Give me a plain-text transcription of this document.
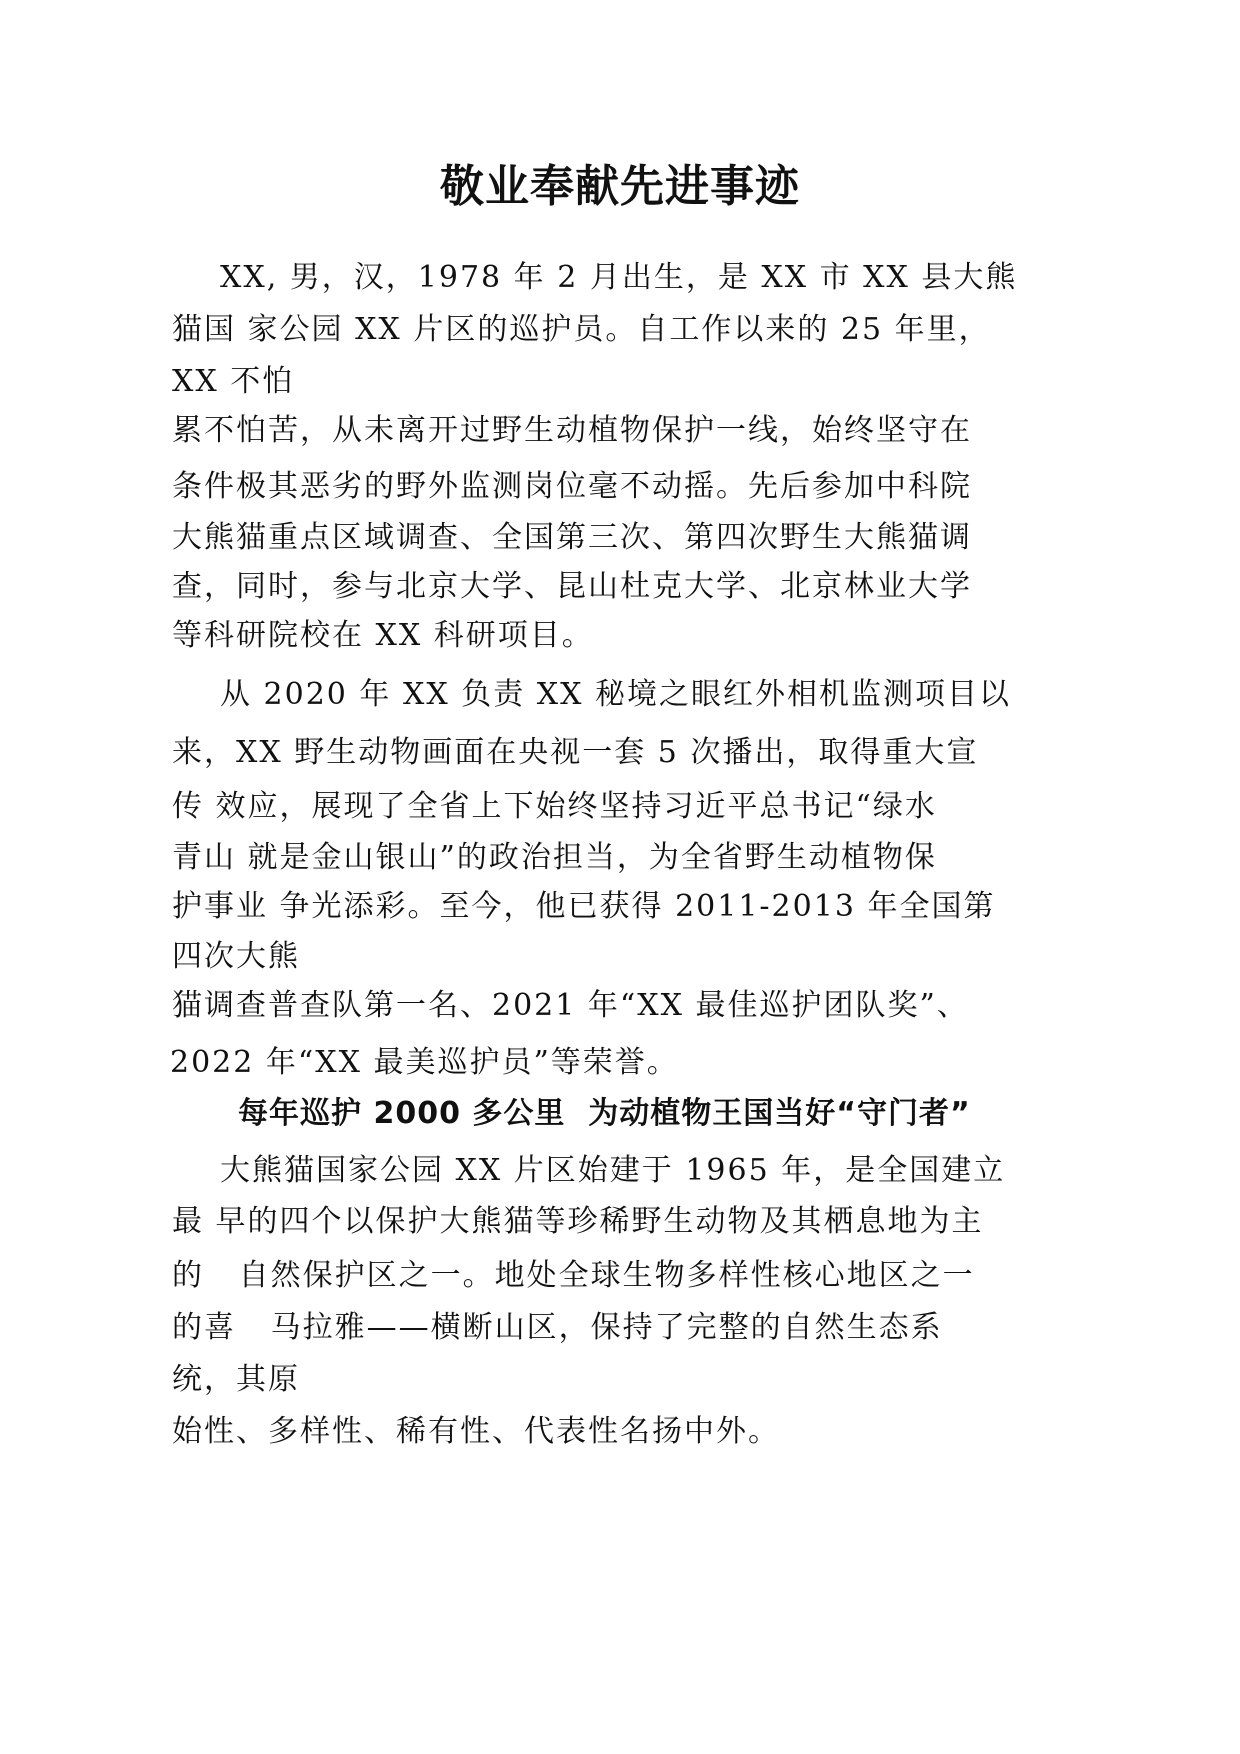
敬业奉献先进事迹
XX, 男，汉，1978 年 2 月出生，是 XX 市 XX 县大熊
猫国 家公园 XX 片区的巡护员。自工作以来的 25 年里，
XX 不怕
累不怕苦，从未离开过野生动植物保护一线，始终坚守在
条件极其恶劣的野外监测岗位毫不动摇。先后参加中科院
大熊猫重点区域调查、全国第三次、第四次野生大熊猫调
查，同时，参与北京大学、昆山杜克大学、北京林业大学
等科研院校在 XX 科研项目。
从 2020 年 XX 负责 XX 秘境之眼红外相机监测项目以
来，XX 野生动物画面在央视一套 5 次播出，取得重大宣
传 效应，展现了全省上下始终坚持习近平总书记“绿水
青山 就是金山银山”的政治担当，为全省野生动植物保
护事业 争光添彩。至今，他已获得 2011-2013 年全国第
四次大熊
猫调查普查队第一名、2021 年“XX 最佳巡护团队奖”、
2022 年“XX 最美巡护员”等荣誉。
每年巡护 2000 多公里  为动植物王国当好“守门者”
大熊猫国家公园 XX 片区始建于 1965 年，是全国建立
最 早的四个以保护大熊猫等珍稀野生动物及其栖息地为主
的   自然保护区之一。地处全球生物多样性核心地区之一
的喜   马拉雅——横断山区，保持了完整的自然生态系
统，其原
始性、多样性、稀有性、代表性名扬中外。
